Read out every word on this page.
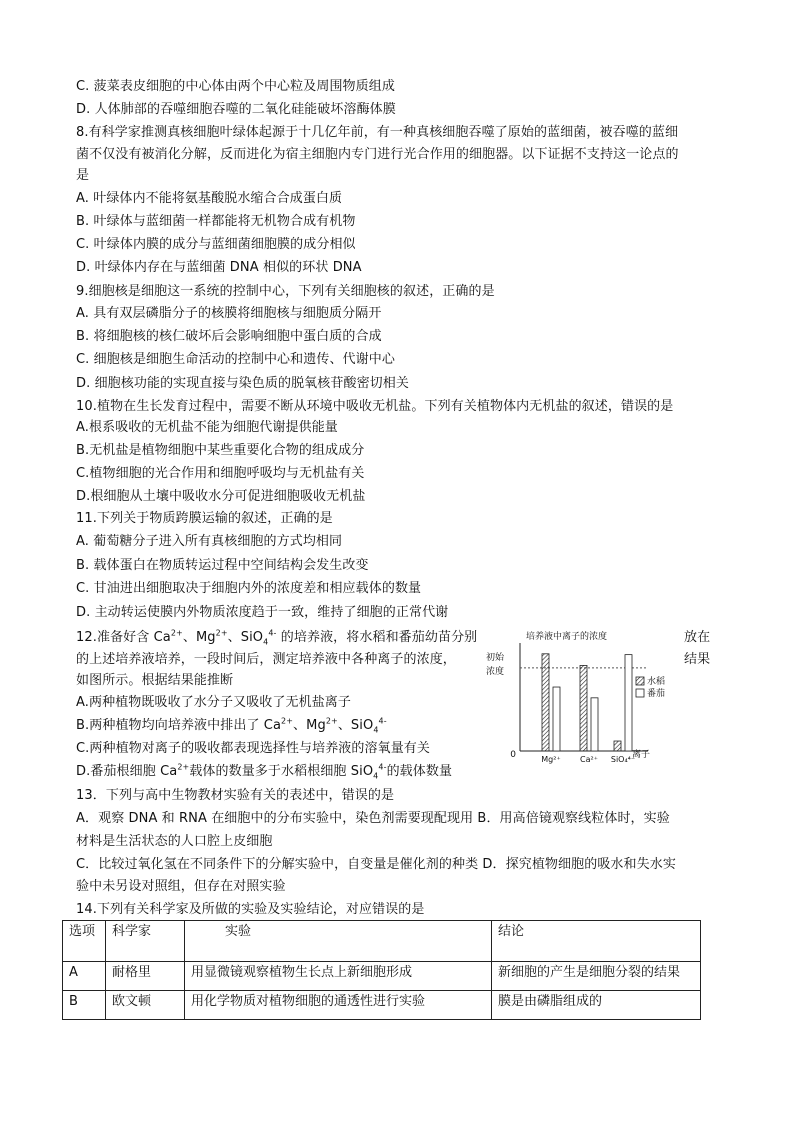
C. 菠菜表皮细胞的中心体由两个中心粒及周围物质组成
D. 人体肺部的吞噬细胞吞噬的二氧化硅能破坏溶酶体膜
8.有科学家推测真核细胞叶绿体起源于十几亿年前，有一种真核细胞吞噬了原始的蓝细菌，被吞噬的蓝细
菌不仅没有被消化分解，反而进化为宿主细胞内专门进行光合作用的细胞器。以下证据不支持这一论点的
是
A. 叶绿体内不能将氨基酸脱水缩合合成蛋白质
B. 叶绿体与蓝细菌一样都能将无机物合成有机物
C. 叶绿体内膜的成分与蓝细菌细胞膜的成分相似
D. 叶绿体内存在与蓝细菌 DNA 相似的环状 DNA
9.细胞核是细胞这一系统的控制中心，下列有关细胞核的叙述，正确的是
A. 具有双层磷脂分子的核膜将细胞核与细胞质分隔开
B. 将细胞核的核仁破坏后会影响细胞中蛋白质的合成
C. 细胞核是细胞生命活动的控制中心和遗传、代谢中心
D. 细胞核功能的实现直接与染色质的脱氧核苷酸密切相关
10.植物在生长发育过程中，需要不断从环境中吸收无机盐。下列有关植物体内无机盐的叙述，错误的是
A.根系吸收的无机盐不能为细胞代谢提供能量
B.无机盐是植物细胞中某些重要化合物的组成成分
C.植物细胞的光合作用和细胞呼吸均与无机盐有关
D.根细胞从土壤中吸收水分可促进细胞吸收无机盐
11.下列关于物质跨膜运输的叙述，正确的是
A. 葡萄糖分子进入所有真核细胞的方式均相同
B. 载体蛋白在物质转运过程中空间结构会发生改变
C. 甘油进出细胞取决于细胞内外的浓度差和相应载体的数量
D. 主动转运使膜内外物质浓度趋于一致，维持了细胞的正常代谢
12.准备好含 $Ca^{2+}$、$Mg^{2+}$、SiO$_4^{4-}$ 的培养液，将水稻和番茄幼苗分别	放在
的上述培养液培养，一段时间后，测定培养液中各种离子的浓度，	结果
如图所示。根据结果能推断
A.两种植物既吸收了水分子又吸收了无机盐离子
B.两种植物均向培养液中排出了 $Ca^{2+}$、$Mg^{2+}$、SiO$_4^{4-}$
C.两种植物对离子的吸收都表现选择性与培养液的溶氧量有关
D.番茄根细胞 $Ca^{2+}$载体的数量多于水稻根细胞 SiO$_4^{4-}$的载体数量
培养液中离子的浓度
初始
浓度
0	Mg²⁺ Ca²⁺ SiO₄⁴⁻
离子
水稻
番茄
13．下列与高中生物教材实验有关的表述中，错误的是
A．观察 DNA 和 RNA 在细胞中的分布实验中，染色剂需要现配现用 B．用高倍镜观察线粒体时，实验
材料是生活状态的人口腔上皮细胞
C．比较过氧化氢在不同条件下的分解实验中，自变量是催化剂的种类 D．探究植物细胞的吸水和失水实
验中未另设对照组，但存在对照实验
14.下列有关科学家及所做的实验及实验结论，对应错误的是
选项	科学家	实验	结论
A	耐格里	用显微镜观察植物生长点上新细胞形成	新细胞的产生是细胞分裂的结果
B	欧文顿	用化学物质对植物细胞的通透性进行实验	膜是由磷脂组成的
